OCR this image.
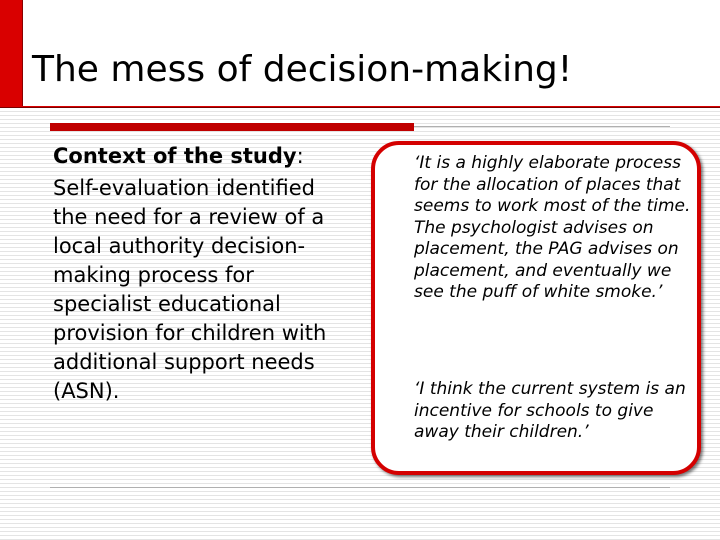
The mess of decision-making!

Context of the study:

Self-evaluation identified the need for a review of a local authority decision-making process for specialist educational provision for children with additional support needs (ASN).

‘It is a highly elaborate process for the allocation of places that seems to work most of the time. The psychologist advises on placement, the PAG advises on placement, and eventually we see the puff of white smoke.’

‘I think the current system is an incentive for schools to give away their children.’
